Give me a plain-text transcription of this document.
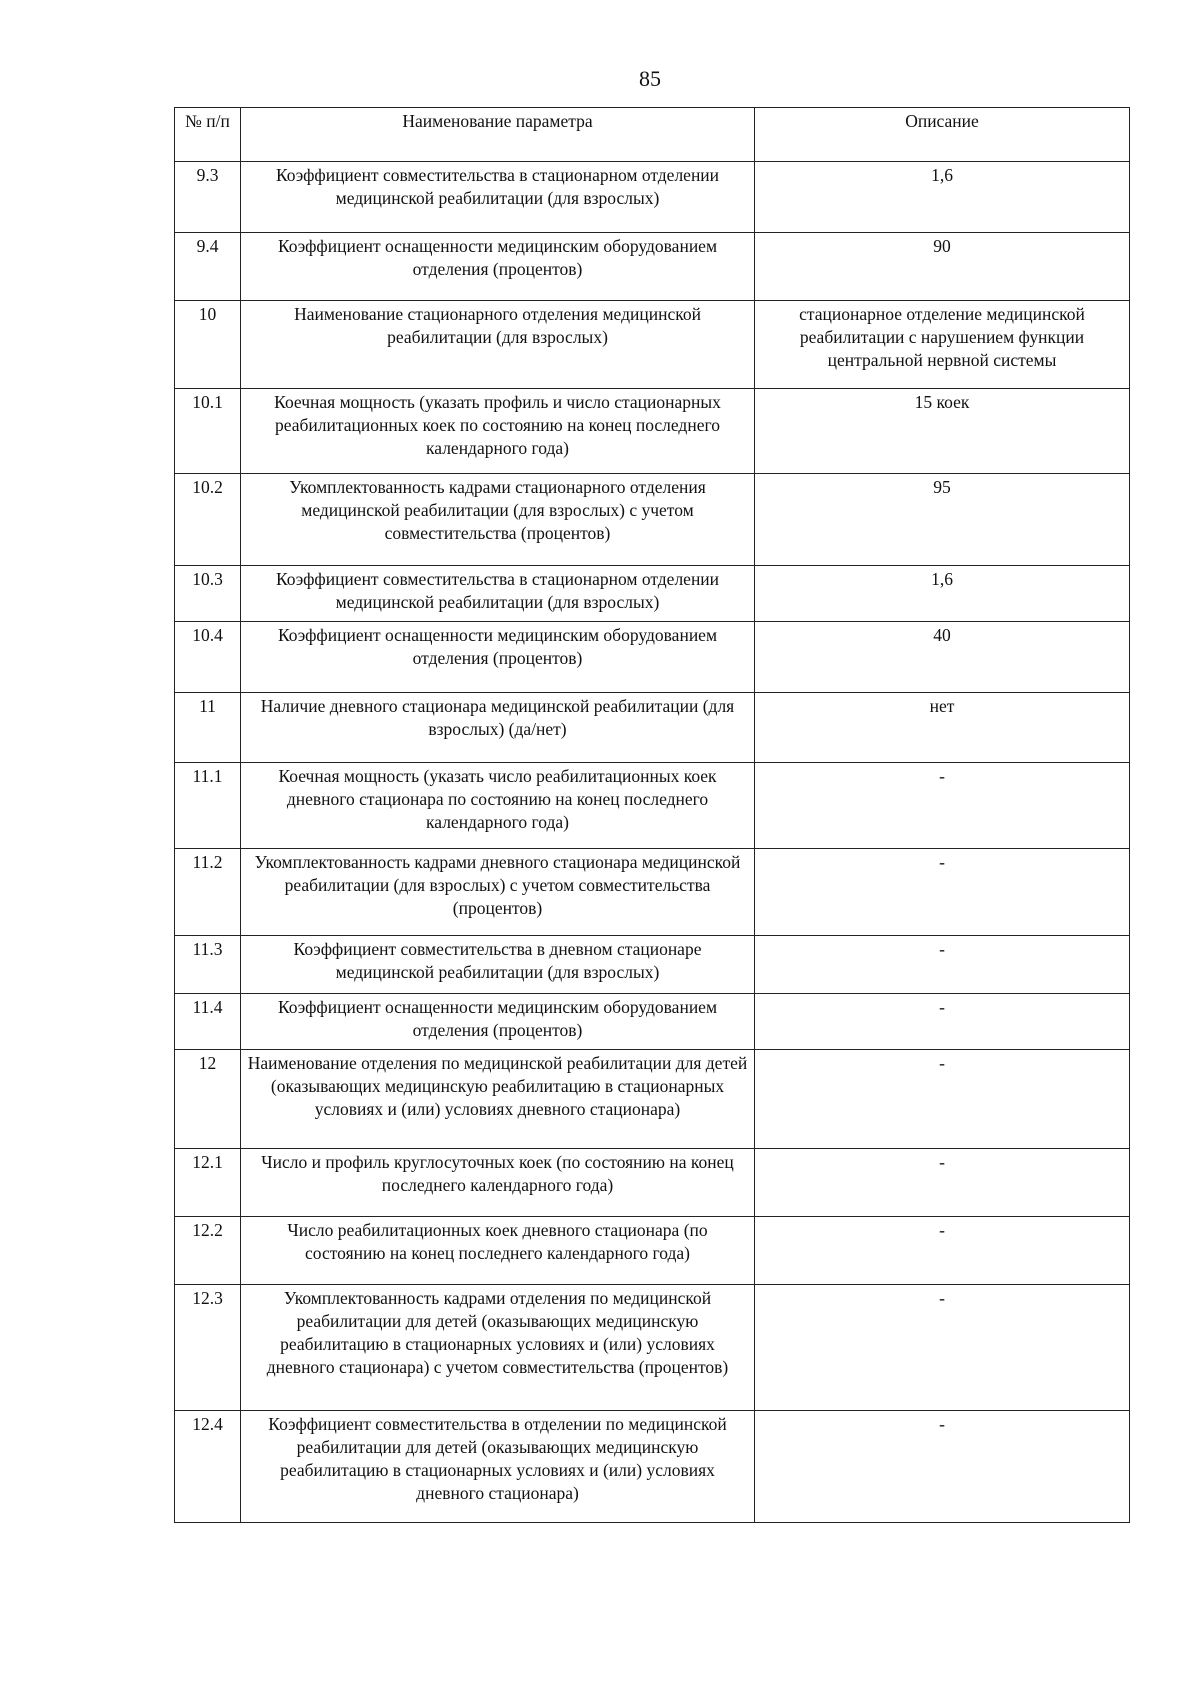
85
№ п/п	Наименование параметра	Описание
9.3	Коэффициент совместительства в стационарном отделении медицинской реабилитации (для взрослых)	1,6
9.4	Коэффициент оснащенности медицинским оборудованием отделения (процентов)	90
10	Наименование стационарного отделения медицинской реабилитации (для взрослых)	стационарное отделение медицинской реабилитации с нарушением функции центральной нервной системы
10.1	Коечная мощность (указать профиль и число стационарных реабилитационных коек по состоянию на конец последнего календарного года)	15 коек
10.2	Укомплектованность кадрами стационарного отделения медицинской реабилитации (для взрослых) с учетом совместительства (процентов)	95
10.3	Коэффициент совместительства в стационарном отделении медицинской реабилитации (для взрослых)	1,6
10.4	Коэффициент оснащенности медицинским оборудованием отделения (процентов)	40
11	Наличие дневного стационара медицинской реабилитации (для взрослых) (да/нет)	нет
11.1	Коечная мощность (указать число реабилитационных коек дневного стационара по состоянию на конец последнего календарного года)	-
11.2	Укомплектованность кадрами дневного стационара медицинской реабилитации (для взрослых) с учетом совместительства (процентов)	-
11.3	Коэффициент совместительства в дневном стационаре медицинской реабилитации (для взрослых)	-
11.4	Коэффициент оснащенности медицинским оборудованием отделения (процентов)	-
12	Наименование отделения по медицинской реабилитации для детей (оказывающих медицинскую реабилитацию в стационарных условиях и (или) условиях дневного стационара)	-
12.1	Число и профиль круглосуточных коек (по состоянию на конец последнего календарного года)	-
12.2	Число реабилитационных коек дневного стационара (по состоянию на конец последнего календарного года)	-
12.3	Укомплектованность кадрами отделения по медицинской реабилитации для детей (оказывающих медицинскую реабилитацию в стационарных условиях и (или) условиях дневного стационара) с учетом совместительства (процентов)	-
12.4	Коэффициент совместительства в отделении по медицинской реабилитации для детей (оказывающих медицинскую реабилитацию в стационарных условиях и (или) условиях дневного стационара)	-
